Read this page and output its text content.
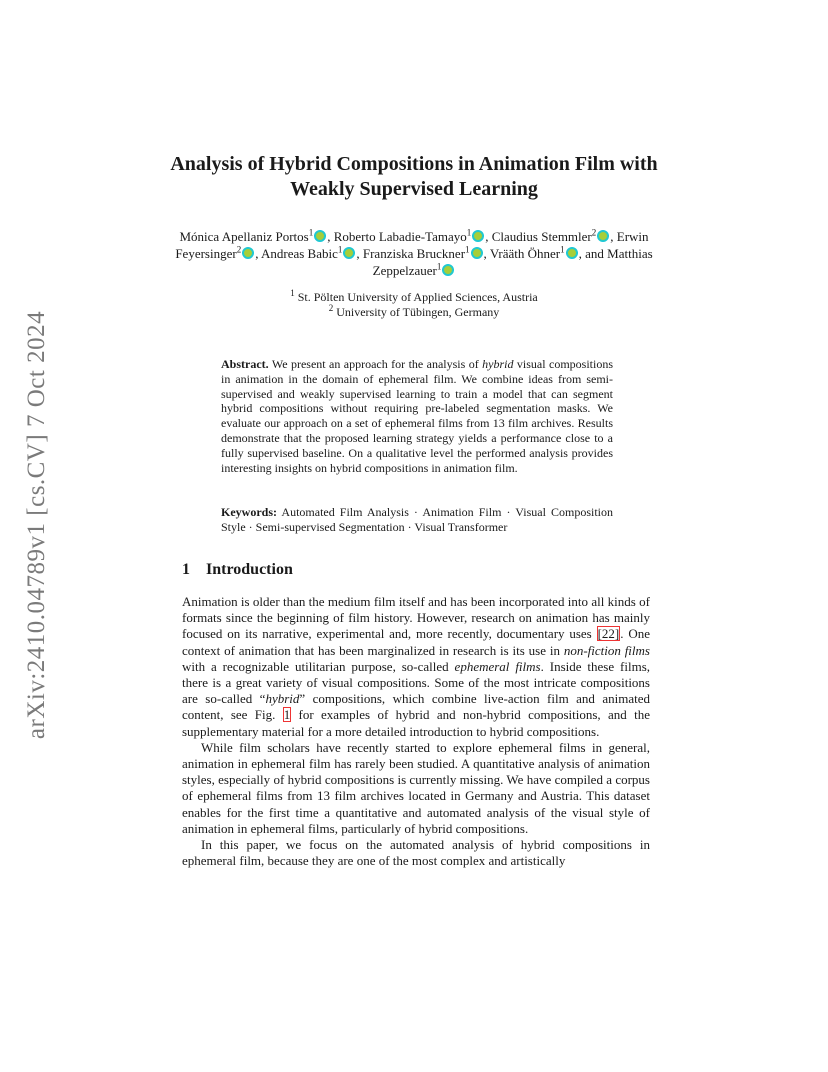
arXiv:2410.04789v1 [cs.CV] 7 Oct 2024
Analysis of Hybrid Compositions in Animation Film with Weakly Supervised Learning
Mónica Apellaniz Portos$^1$ , Roberto Labadie-Tamayo$^1$ , Claudius Stemmler$^2$ , Erwin Feyersinger$^2$ , Andreas Babic$^1$ , Franziska Bruckner$^1$ , Vrääth Öhner$^1$ , and Matthias Zeppelzauer$^1$
$^1$ St. Pölten University of Applied Sciences, Austria
$^2$ University of Tübingen, Germany
Abstract. We present an approach for the analysis of hybrid visual compositions in animation in the domain of ephemeral film. We combine ideas from semi-supervised and weakly supervised learning to train a model that can segment hybrid compositions without requiring pre-labeled segmentation masks. We evaluate our approach on a set of ephemeral films from 13 film archives. Results demonstrate that the proposed learning strategy yields a performance close to a fully supervised baseline. On a qualitative level the performed analysis provides interesting insights on hybrid compositions in animation film.
Keywords: Automated Film Analysis · Animation Film · Visual Composition Style · Semi-supervised Segmentation · Visual Transformer
1 Introduction

Animation is older than the medium film itself and has been incorporated into all kinds of formats since the beginning of film history. However, research on animation has mainly focused on its narrative, experimental and, more recently, documentary uses [22]. One context of animation that has been marginalized in research is its use in non-fiction films with a recognizable utilitarian purpose, so-called ephemeral films. Inside these films, there is a great variety of visual compositions. Some of the most intricate compositions are so-called “hybrid” compositions, which combine live-action film and animated content, see Fig. 1 for examples of hybrid and non-hybrid compositions, and the supplementary material for a more detailed introduction to hybrid compositions.

While film scholars have recently started to explore ephemeral films in general, animation in ephemeral film has rarely been studied. A quantitative analysis of animation styles, especially of hybrid compositions is currently missing. We have compiled a corpus of ephemeral films from 13 film archives located in Germany and Austria. This dataset enables for the first time a quantitative and automated analysis of the visual style of animation in ephemeral films, particularly of hybrid compositions.

In this paper, we focus on the automated analysis of hybrid compositions in ephemeral film, because they are one of the most complex and artistically
